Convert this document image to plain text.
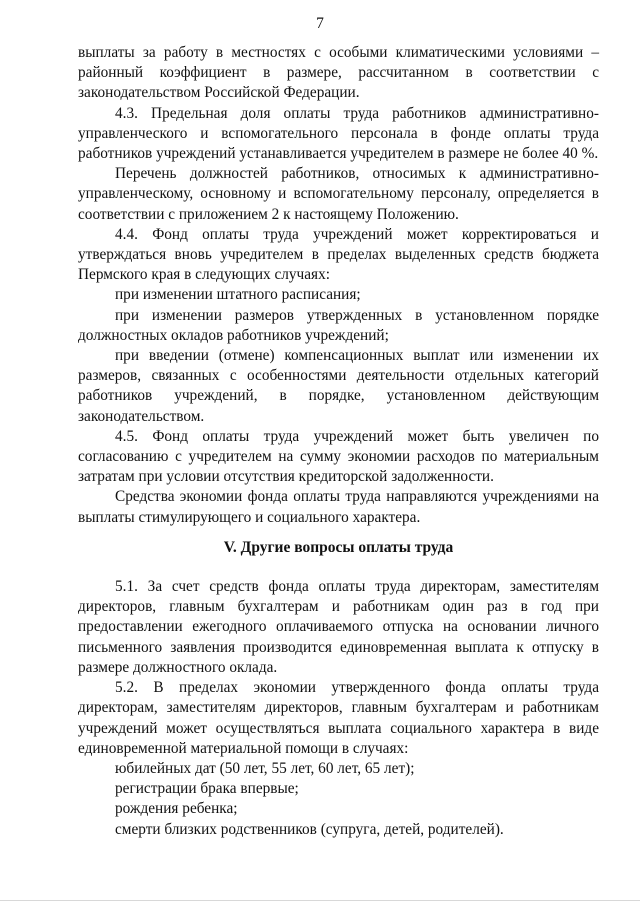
7

выплаты за работу в местностях с особыми климатическими условиями – районный коэффициент в размере, рассчитанном в соответствии с законодательством Российской Федерации.

4.3. Предельная доля оплаты труда работников административно-управленческого и вспомогательного персонала в фонде оплаты труда работников учреждений устанавливается учредителем в размере не более 40 %.

Перечень должностей работников, относимых к административно-управленческому, основному и вспомогательному персоналу, определяется в соответствии с приложением 2 к настоящему Положению.

4.4. Фонд оплаты труда учреждений может корректироваться и утверждаться вновь учредителем в пределах выделенных средств бюджета Пермского края в следующих случаях:

при изменении штатного расписания;

при изменении размеров утвержденных в установленном порядке должностных окладов работников учреждений;

при введении (отмене) компенсационных выплат или изменении их размеров, связанных с особенностями деятельности отдельных категорий работников учреждений, в порядке, установленном действующим законодательством.

4.5. Фонд оплаты труда учреждений может быть увеличен по согласованию с учредителем на сумму экономии расходов по материальным затратам при условии отсутствия кредиторской задолженности.

Средства экономии фонда оплаты труда направляются учреждениями на выплаты стимулирующего и социального характера.

V. Другие вопросы оплаты труда

5.1. За счет средств фонда оплаты труда директорам, заместителям директоров, главным бухгалтерам и работникам один раз в год при предоставлении ежегодного оплачиваемого отпуска на основании личного письменного заявления производится единовременная выплата к отпуску в размере должностного оклада.

5.2. В пределах экономии утвержденного фонда оплаты труда директорам, заместителям директоров, главным бухгалтерам и работникам учреждений может осуществляться выплата социального характера в виде единовременной материальной помощи в случаях:

юбилейных дат (50 лет, 55 лет, 60 лет, 65 лет);

регистрации брака впервые;

рождения ребенка;

смерти близких родственников (супруга, детей, родителей).
